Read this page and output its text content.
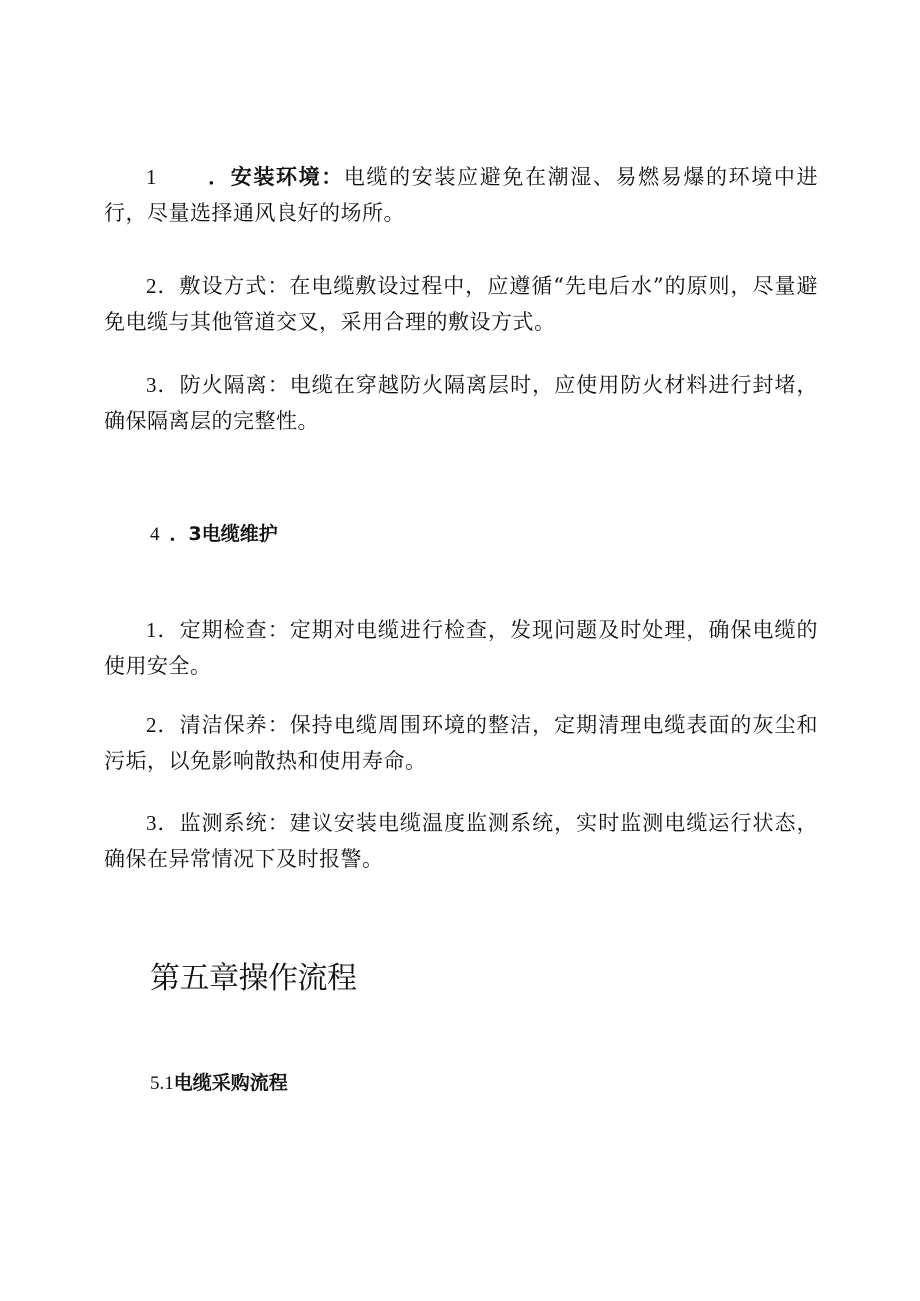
1 ．安装环境：电缆的安装应避免在潮湿、易燃易爆的环境中进行，尽量选择通风良好的场所。

2．敷设方式：在电缆敷设过程中，应遵循“先电后水”的原则，尽量避免电缆与其他管道交叉，采用合理的敷设方式。

3．防火隔离：电缆在穿越防火隔离层时，应使用防火材料进行封堵，确保隔离层的完整性。

4 ．3电缆维护

1．定期检查：定期对电缆进行检查，发现问题及时处理，确保电缆的使用安全。

2．清洁保养：保持电缆周围环境的整洁，定期清理电缆表面的灰尘和污垢，以免影响散热和使用寿命。

3．监测系统：建议安装电缆温度监测系统，实时监测电缆运行状态，确保在异常情况下及时报警。

第五章操作流程
5.1电缆采购流程
